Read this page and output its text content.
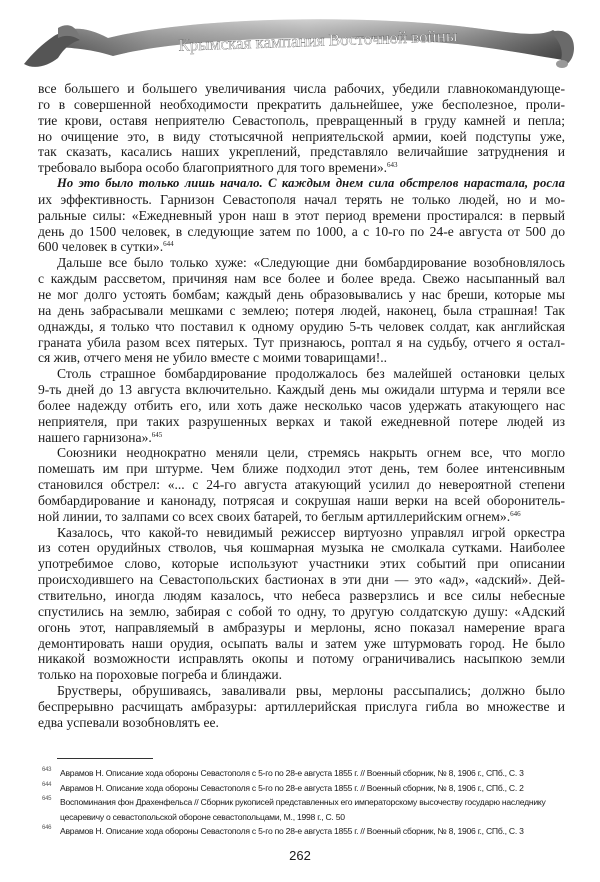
Крымская кампания Восточной войны
все большего и большего увеличивания числа рабочих, убедили главнокомандующе-
го в совершенной необходимости прекратить дальнейшее, уже бесполезное, проли-
тие крови, оставя неприятелю Севастополь, превращенный в груду камней и пепла;
но очищение это, в виду стотысячной неприятельской армии, коей подступы уже,
так сказать, касались наших укреплений, представляло величайшие затруднения и
требовало выбора особо благоприятного для того времени».$^{643}$
Но это было только лишь начало. С каждым днем сила обстрелов нарастала, росла
их эффективность. Гарнизон Севастополя начал терять не только людей, но и мо-
ральные силы: «Ежедневный урон наш в этот период времени простирался: в первый
день до 1500 человек, в следующие затем по 1000, а с 10-го по 24-е августа от 500 до
600 человек в сутки».$^{644}$
Дальше все было только хуже: «Следующие дни бомбардирование возобновлялось
с каждым рассветом, причиняя нам все более и более вреда. Свежо насыпанный вал
не мог долго устоять бомбам; каждый день образовывались у нас бреши, которые мы
на день забрасывали мешками с землею; потеря людей, наконец, была страшная! Так
однажды, я только что поставил к одному орудию 5-ть человек солдат, как английская
граната убила разом всех пятерых. Тут признаюсь, роптал я на судьбу, отчего я остал-
ся жив, отчего меня не убило вместе с моими товарищами!..
Столь страшное бомбардирование продолжалось без малейшей остановки целых
9-ть дней до 13 августа включительно. Каждый день мы ожидали штурма и теряли все
более надежду отбить его, или хоть даже несколько часов удержать атакующего нас
неприятеля, при таких разрушенных верках и такой ежедневной потере людей из
нашего гарнизона».$^{645}$
Союзники неоднократно меняли цели, стремясь накрыть огнем все, что могло
помешать им при штурме. Чем ближе подходил этот день, тем более интенсивным
становился обстрел: «... с 24-го августа атакующий усилил до невероятной степени
бомбардирование и канонаду, потрясая и сокрушая наши верки на всей оборонитель-
ной линии, то залпами со всех своих батарей, то беглым артиллерийским огнем».$^{646}$
Казалось, что какой-то невидимый режиссер виртуозно управлял игрой оркестра
из сотен орудийных стволов, чья кошмарная музыка не смолкала сутками. Наиболее
употребимое слово, которые используют участники этих событий при описании
происходившего на Севастопольских бастионах в эти дни — это «ад», «адский». Дей-
ствительно, иногда людям казалось, что небеса разверзлись и все силы небесные
спустились на землю, забирая с собой то одну, то другую солдатскую душу: «Адский
огонь этот, направляемый в амбразуры и мерлоны, ясно показал намерение врага
демонтировать наши орудия, осыпать валы и затем уже штурмовать город. Не было
никакой возможности исправлять окопы и потому ограничивались насыпкою земли
только на пороховые погреба и блиндажи.
Брустверы, обрушиваясь, заваливали рвы, мерлоны рассыпались; должно было
беспрерывно расчищать амбразуры: артиллерийская прислуга гибла во множестве и
едва успевали возобновлять ее.
643 Аврамов Н. Описание хода обороны Севастополя с 5-го по 28-е августа 1855 г. // Военный сборник, № 8, 1906 г., СПб., С. 3
644 Аврамов Н. Описание хода обороны Севастополя с 5-го по 28-е августа 1855 г. // Военный сборник, № 8, 1906 г., СПб., С. 2
645 Воспоминания фон Драхенфельса // Сборник рукописей представленных его императорскому высочеству государю наследнику
цесаревичу о севастопольской обороне севастопольцами, М., 1998 г., С. 50
646 Аврамов Н. Описание хода обороны Севастополя с 5-го по 28-е августа 1855 г. // Военный сборник, № 8, 1906 г., СПб., С. 3
262
